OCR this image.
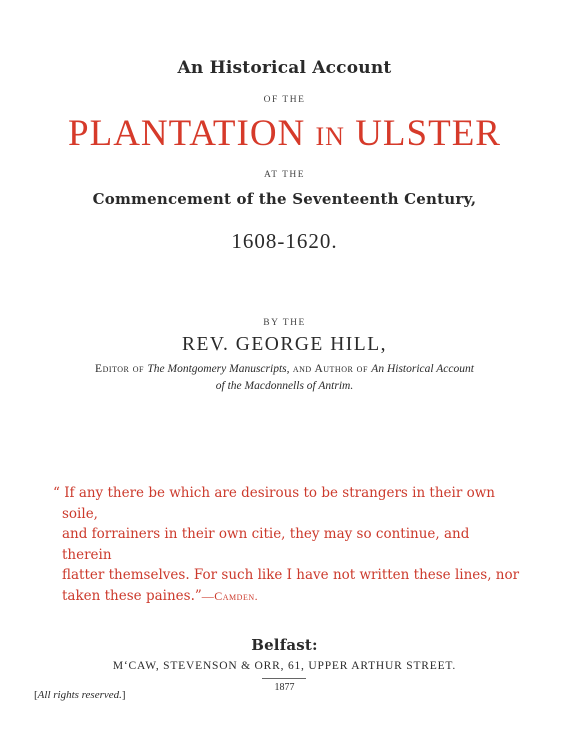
An Historical Account
OF THE
PLANTATION IN ULSTER
AT THE
Commencement of the Seventeenth Century,
1608-1620.
BY THE
REV. GEORGE HILL,
Editor of The Montgomery Manuscripts, and Author of An Historical Account
of the Macdonnells of Antrim.
“ If any there be which are desirous to be strangers in their own soile,
and forrainers in their own citie, they may so continue, and therein
flatter themselves. For such like I have not written these lines, nor
taken these paines.”—Camden.
Belfast:
M‘CAW, STEVENSON & ORR, 61, UPPER ARTHUR STREET.
1877
[All rights reserved.]
